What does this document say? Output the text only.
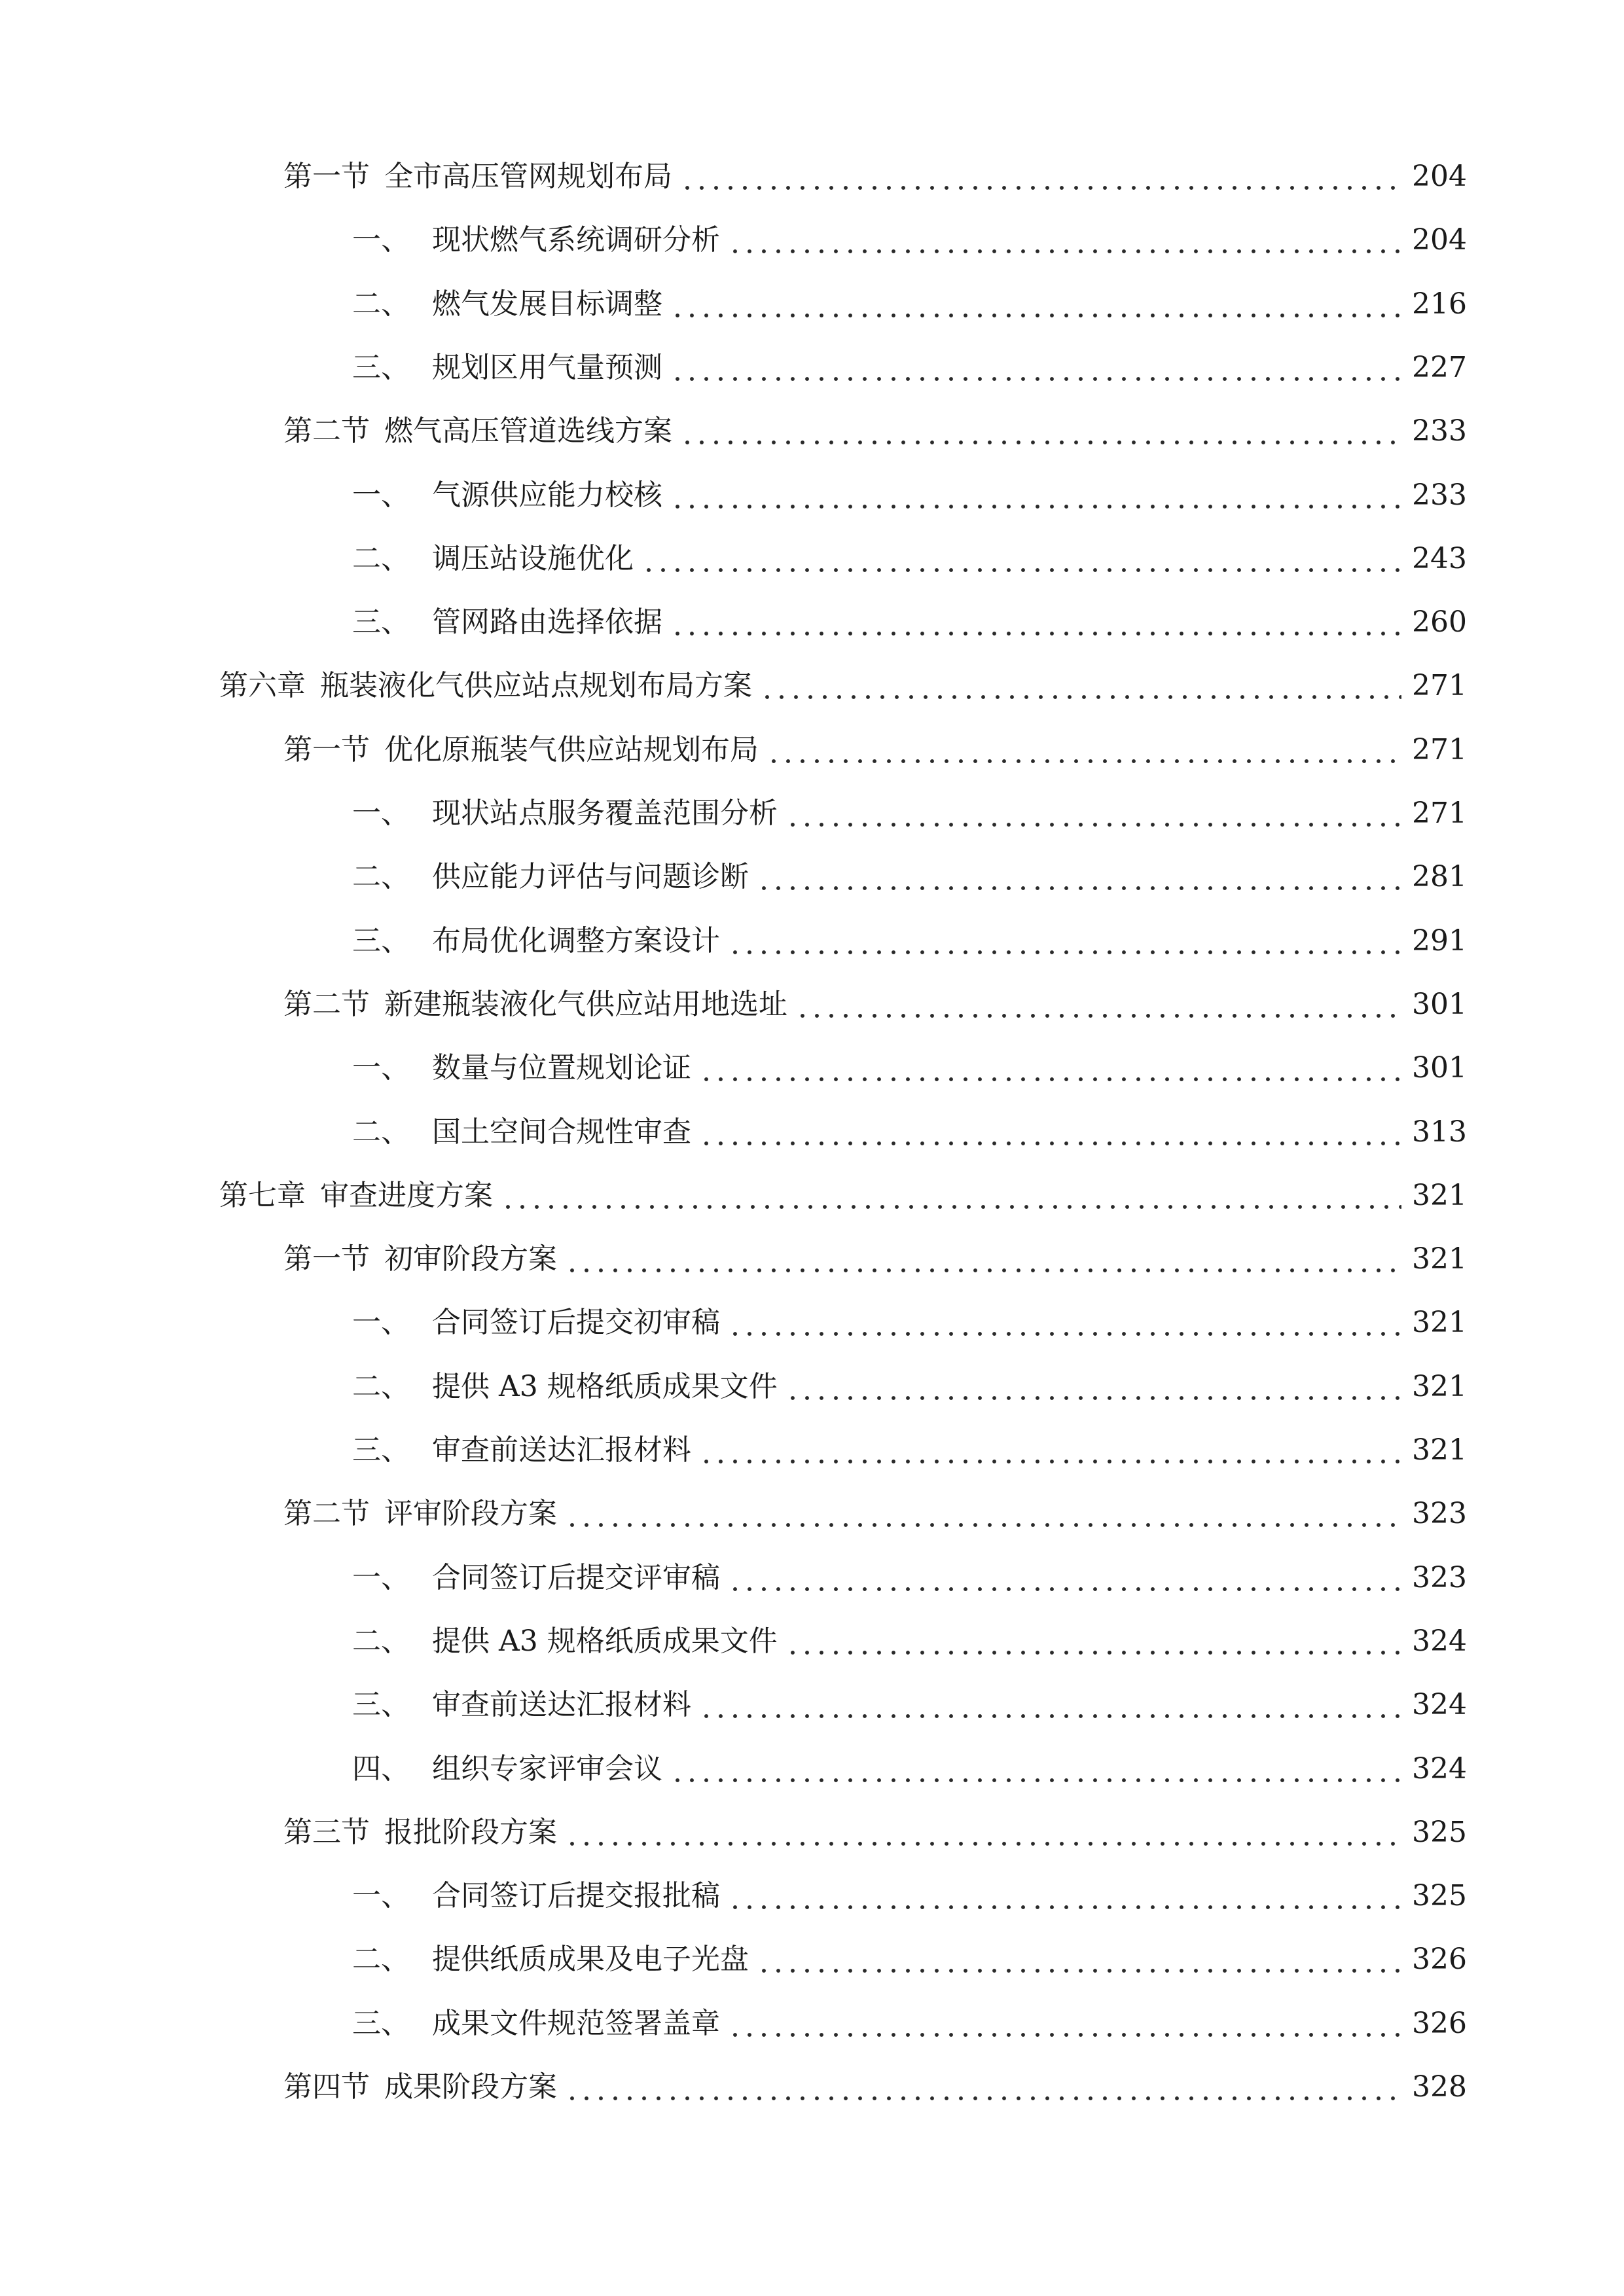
第一节 全市高压管网规划布局	204
一、 现状燃气系统调研分析	204
二、 燃气发展目标调整	216
三、 规划区用气量预测	227
第二节 燃气高压管道选线方案	233
一、 气源供应能力校核	233
二、 调压站设施优化	243
三、 管网路由选择依据	260
第六章 瓶装液化气供应站点规划布局方案	271
第一节 优化原瓶装气供应站规划布局	271
一、 现状站点服务覆盖范围分析	271
二、 供应能力评估与问题诊断	281
三、 布局优化调整方案设计	291
第二节 新建瓶装液化气供应站用地选址	301
一、 数量与位置规划论证	301
二、 国土空间合规性审查	313
第七章 审查进度方案	321
第一节 初审阶段方案	321
一、 合同签订后提交初审稿	321
二、 提供 A3 规格纸质成果文件	321
三、 审查前送达汇报材料	321
第二节 评审阶段方案	323
一、 合同签订后提交评审稿	323
二、 提供 A3 规格纸质成果文件	324
三、 审查前送达汇报材料	324
四、 组织专家评审会议	324
第三节 报批阶段方案	325
一、 合同签订后提交报批稿	325
二、 提供纸质成果及电子光盘	326
三、 成果文件规范签署盖章	326
第四节 成果阶段方案	328
